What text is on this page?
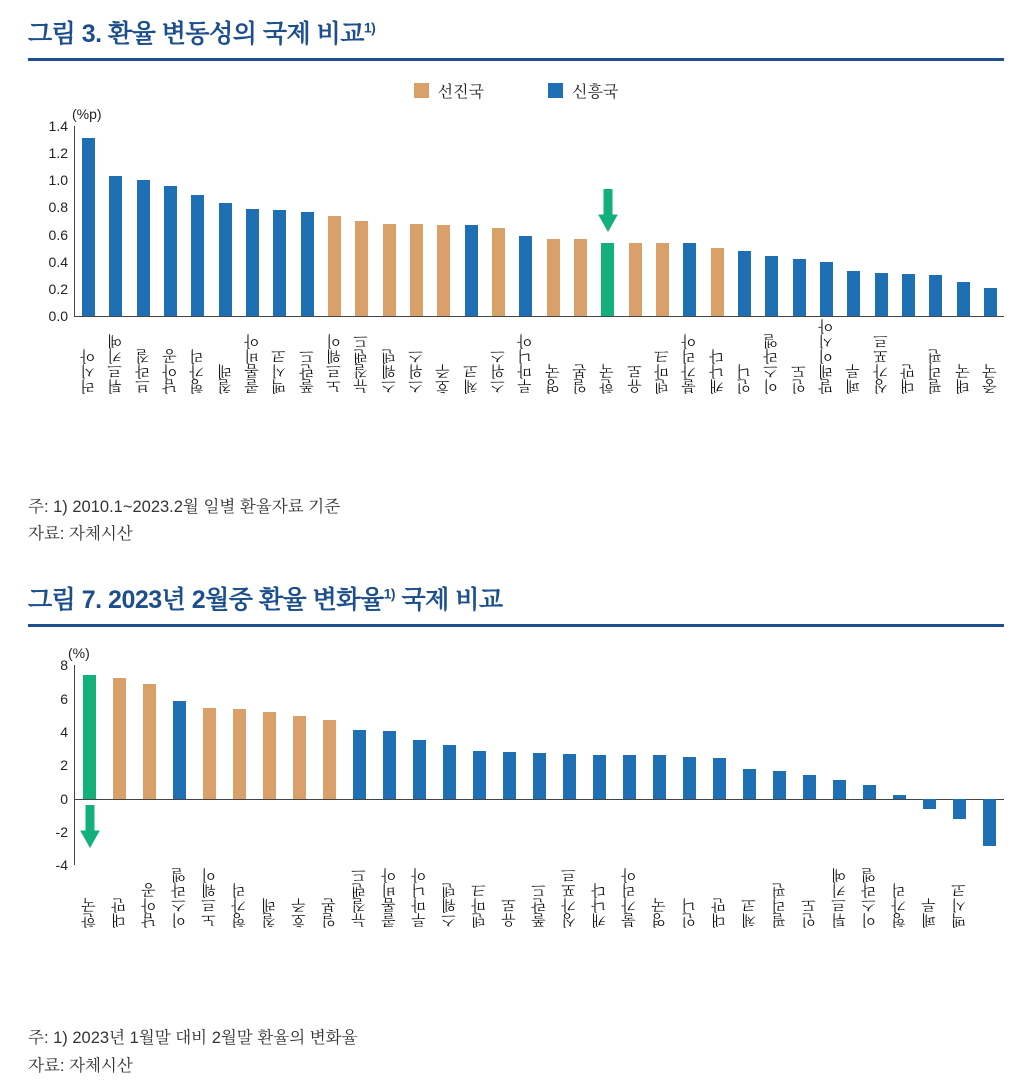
그림 3. 환율 변동성의 국제 비교$^{1)}$
선진국	신흥국
(%p)
0.0
0.2
0.4
0.6
0.8
1.0
1.2
1.4
러시아 튀르키예 브라질 남아공 헝가리 칠레 콜롬비아 멕시코 폴란드 노르웨이 뉴질랜드 스웨덴 스위스 호주 체코 스위스 루마니아 영국 일본 한국 유로 덴마크 불가리아 캐나다 인니 이스라엘 인도 말레이시아 페루 싱가포르 대만 필리핀 태국 중국
주: 1) 2010.1~2023.2월 일별 환율자료 기준
자료: 자체시산
그림 7. 2023년 2월중 환율 변화율$^{1)}$ 국제 비교
(%)
-4
-2
0
2
4
6
8
한국 대만 남아공 이스라엘 노르웨이 헝가리 칠레 호주 일본 뉴질랜드 콜롬비아 루마니아 스웨덴 덴마크 유로 폴란드 싱가포르 캐나다 불가리아 영국 인니 대만 체코 필리핀 인도 튀르키예 이스라엘 헝가리 페루 멕시코
주: 1) 2023년 1월말 대비 2월말 환율의 변화율
자료: 자체시산
